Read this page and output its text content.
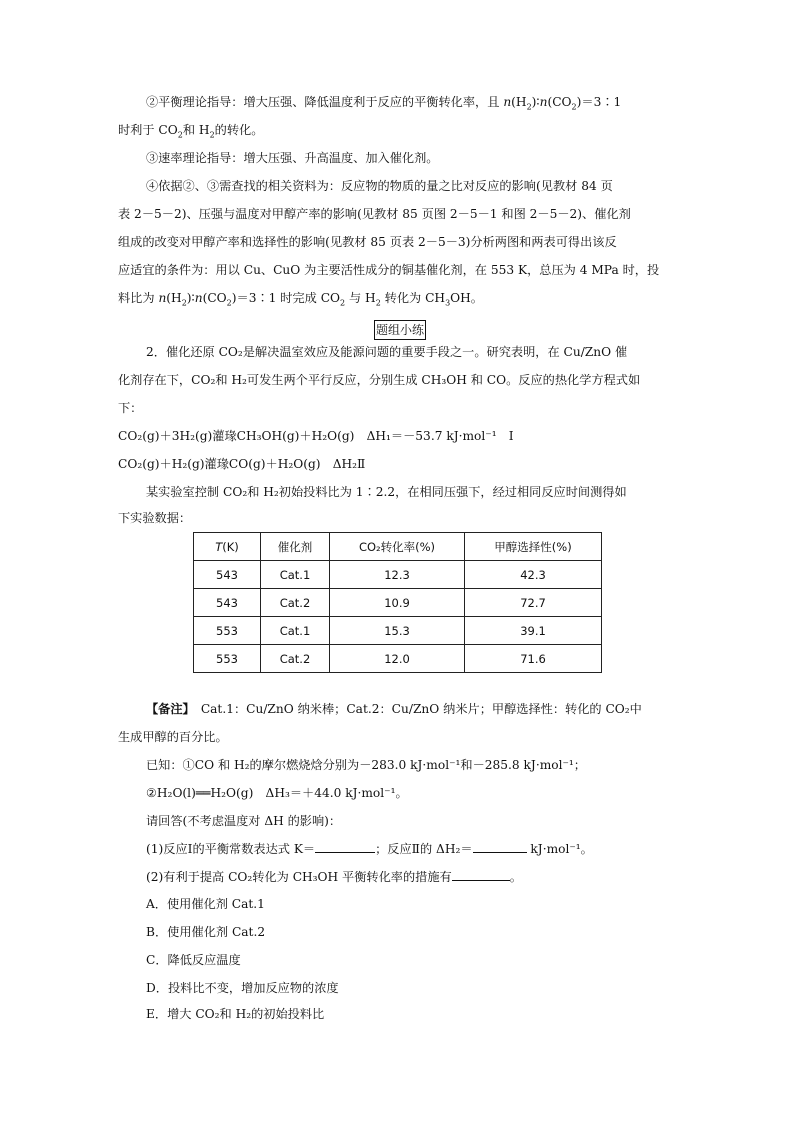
②平衡理论指导：增大压强、降低温度利于反应的平衡转化率，且 $n(H_2)∶n(CO_2)=3∶1$
时利于 $CO_2$和 $H_2$的转化。
③速率理论指导：增大压强、升高温度、加入催化剂。
④依据②、③需查找的相关资料为：反应物的物质的量之比对反应的影响(见教材 84 页
表 2－5－2)、压强与温度对甲醇产率的影响(见教材 85 页图 2－5－1 和图 2－5－2)、催化剂
组成的改变对甲醇产率和选择性的影响(见教材 85 页表 2－5－3)分析两图和两表可得出该反
应适宜的条件为：用以 Cu、CuO 为主要活性成分的铜基催化剂，在 553 K，总压为 4 MPa 时，投
料比为 $n(H_2)∶n(CO_2)=3∶1$ 时完成 $CO_2$ 与 $H_2$ 转化为 $CH_3OH$。
题组小练
2．催化还原 CO₂是解决温室效应及能源问题的重要手段之一。研究表明，在 Cu/ZnO 催
化剂存在下，CO₂和 H₂可发生两个平行反应，分别生成 CH₃OH 和 CO。反应的热化学方程式如
下：
CO₂(g)＋3H₂(g)灌瑑CH₃OH(g)＋H₂O(g)　ΔH₁＝－53.7 kJ·mol⁻¹　Ⅰ
CO₂(g)＋H₂(g)灌瑑CO(g)＋H₂O(g)　ΔH₂Ⅱ
某实验室控制 CO₂和 H₂初始投料比为 1∶2.2，在相同压强下，经过相同反应时间测得如
下实验数据：
T(K)	催化剂	CO₂转化率(%)	甲醇选择性(%)
543	Cat.1	12.3	42.3
543	Cat.2	10.9	72.7
553	Cat.1	15.3	39.1
553	Cat.2	12.0	71.6
【备注】　Cat.1：Cu/ZnO 纳米棒；Cat.2：Cu/ZnO 纳米片；甲醇选择性：转化的 CO₂中
生成甲醇的百分比。
已知：①CO 和 H₂的摩尔燃烧焓分别为－283.0 kJ·mol⁻¹和－285.8 kJ·mol⁻¹；
②H₂O(l)══H₂O(g)　ΔH₃＝＋44.0 kJ·mol⁻¹。
请回答(不考虑温度对 ΔH 的影响)：
(1)反应Ⅰ的平衡常数表达式 K＝	；反应Ⅱ的 ΔH₂＝	kJ·mol⁻¹。
(2)有利于提高 CO₂转化为 CH₃OH 平衡转化率的措施有	。
A．使用催化剂 Cat.1
B．使用催化剂 Cat.2
C．降低反应温度
D．投料比不变，增加反应物的浓度
E．增大 CO₂和 H₂的初始投料比
